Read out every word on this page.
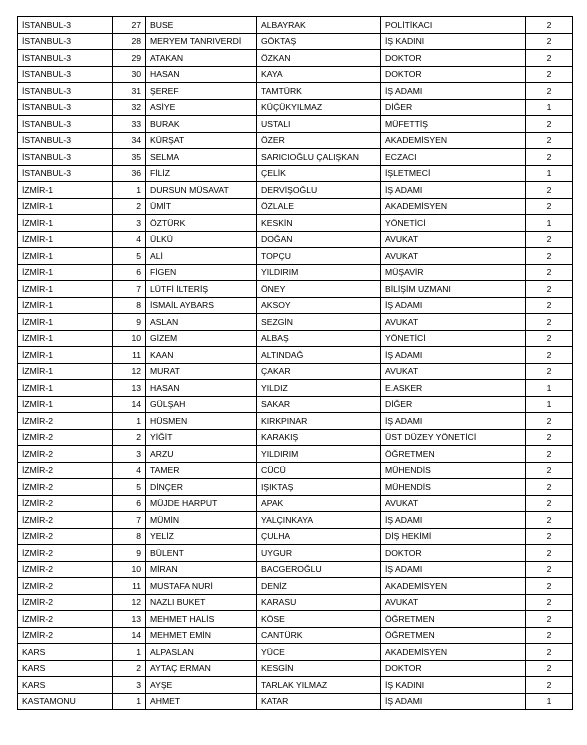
İSTANBUL-3	27	BUSE	ALBAYRAK	POLİTİKACI	2
İSTANBUL-3	28	MERYEM TANRIVERDİ	GÖKTAŞ	İŞ KADINI	2
İSTANBUL-3	29	ATAKAN	ÖZKAN	DOKTOR	2
İSTANBUL-3	30	HASAN	KAYA	DOKTOR	2
İSTANBUL-3	31	ŞEREF	TAMTÜRK	İŞ ADAMI	2
İSTANBUL-3	32	ASİYE	KÜÇÜKYILMAZ	DİĞER	1
İSTANBUL-3	33	BURAK	USTALI	MÜFETTİŞ	2
İSTANBUL-3	34	KÜRŞAT	ÖZER	AKADEMİSYEN	2
İSTANBUL-3	35	SELMA	SARICIOĞLU ÇALIŞKAN	ECZACI	2
İSTANBUL-3	36	FİLİZ	ÇELİK	İŞLETMECİ	1
İZMİR-1	1	DURSUN MÜSAVAT	DERVİŞOĞLU	İŞ ADAMI	2
İZMİR-1	2	ÜMİT	ÖZLALE	AKADEMİSYEN	2
İZMİR-1	3	ÖZTÜRK	KESKİN	YÖNETİCİ	1
İZMİR-1	4	ÜLKÜ	DOĞAN	AVUKAT	2
İZMİR-1	5	ALİ	TOPÇU	AVUKAT	2
İZMİR-1	6	FİGEN	YILDIRIM	MÜŞAVİR	2
İZMİR-1	7	LÜTFİ İLTERİŞ	ÖNEY	BİLİŞİM UZMANI	2
İZMİR-1	8	İSMAİL AYBARS	AKSOY	İŞ ADAMI	2
İZMİR-1	9	ASLAN	SEZGİN	AVUKAT	2
İZMİR-1	10	GİZEM	ALBAŞ	YÖNETİCİ	2
İZMİR-1	11	KAAN	ALTINDAĞ	İŞ ADAMI	2
İZMİR-1	12	MURAT	ÇAKAR	AVUKAT	2
İZMİR-1	13	HASAN	YILDIZ	E.ASKER	1
İZMİR-1	14	GÜLŞAH	SAKAR	DİĞER	1
İZMİR-2	1	HÜSMEN	KIRKPINAR	İŞ ADAMI	2
İZMİR-2	2	YİĞİT	KARAKIŞ	ÜST DÜZEY YÖNETİCİ	2
İZMİR-2	3	ARZU	YILDIRIM	ÖĞRETMEN	2
İZMİR-2	4	TAMER	CÜCÜ	MÜHENDİS	2
İZMİR-2	5	DİNÇER	IŞIKTAŞ	MÜHENDİS	2
İZMİR-2	6	MÜJDE HARPUT	APAK	AVUKAT	2
İZMİR-2	7	MÜMİN	YALÇINKAYA	İŞ ADAMI	2
İZMİR-2	8	YELİZ	ÇULHA	DİŞ HEKİMİ	2
İZMİR-2	9	BÜLENT	UYGUR	DOKTOR	2
İZMİR-2	10	MİRAN	BACGEROĞLU	İŞ ADAMI	2
İZMİR-2	11	MUSTAFA NURİ	DENİZ	AKADEMİSYEN	2
İZMİR-2	12	NAZLI BUKET	KARASU	AVUKAT	2
İZMİR-2	13	MEHMET HALİS	KÖSE	ÖĞRETMEN	2
İZMİR-2	14	MEHMET EMİN	CANTÜRK	ÖĞRETMEN	2
KARS	1	ALPASLAN	YÜCE	AKADEMİSYEN	2
KARS	2	AYTAÇ ERMAN	KESGİN	DOKTOR	2
KARS	3	AYŞE	TARLAK YILMAZ	İŞ KADINI	2
KASTAMONU	1	AHMET	KATAR	İŞ ADAMI	1
